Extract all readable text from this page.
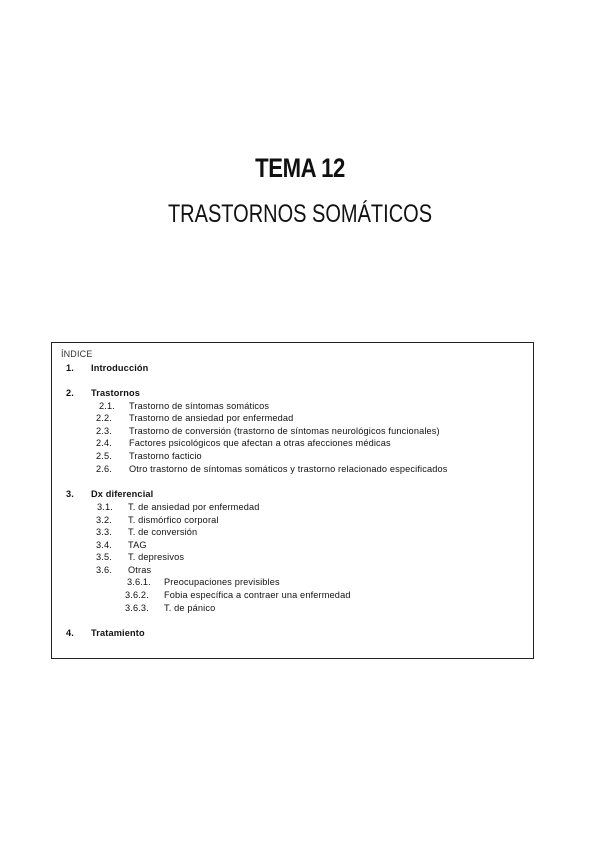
TEMA 12
TRASTORNOS SOMÁTICOS
ÍNDICE
1. Introducción
2. Trastornos
2.1. Trastorno de síntomas somáticos
2.2. Trastorno de ansiedad por enfermedad
2.3. Trastorno de conversión (trastorno de síntomas neurológicos funcionales)
2.4. Factores psicológicos que afectan a otras afecciones médicas
2.5. Trastorno facticio
2.6. Otro trastorno de síntomas somáticos y trastorno relacionado especificados
3. Dx diferencial
3.1. T. de ansiedad por enfermedad
3.2. T. dismórfico corporal
3.3. T. de conversión
3.4. TAG
3.5. T. depresivos
3.6. Otras
3.6.1. Preocupaciones previsibles
3.6.2. Fobia específica a contraer una enfermedad
3.6.3. T. de pánico
4. Tratamiento
